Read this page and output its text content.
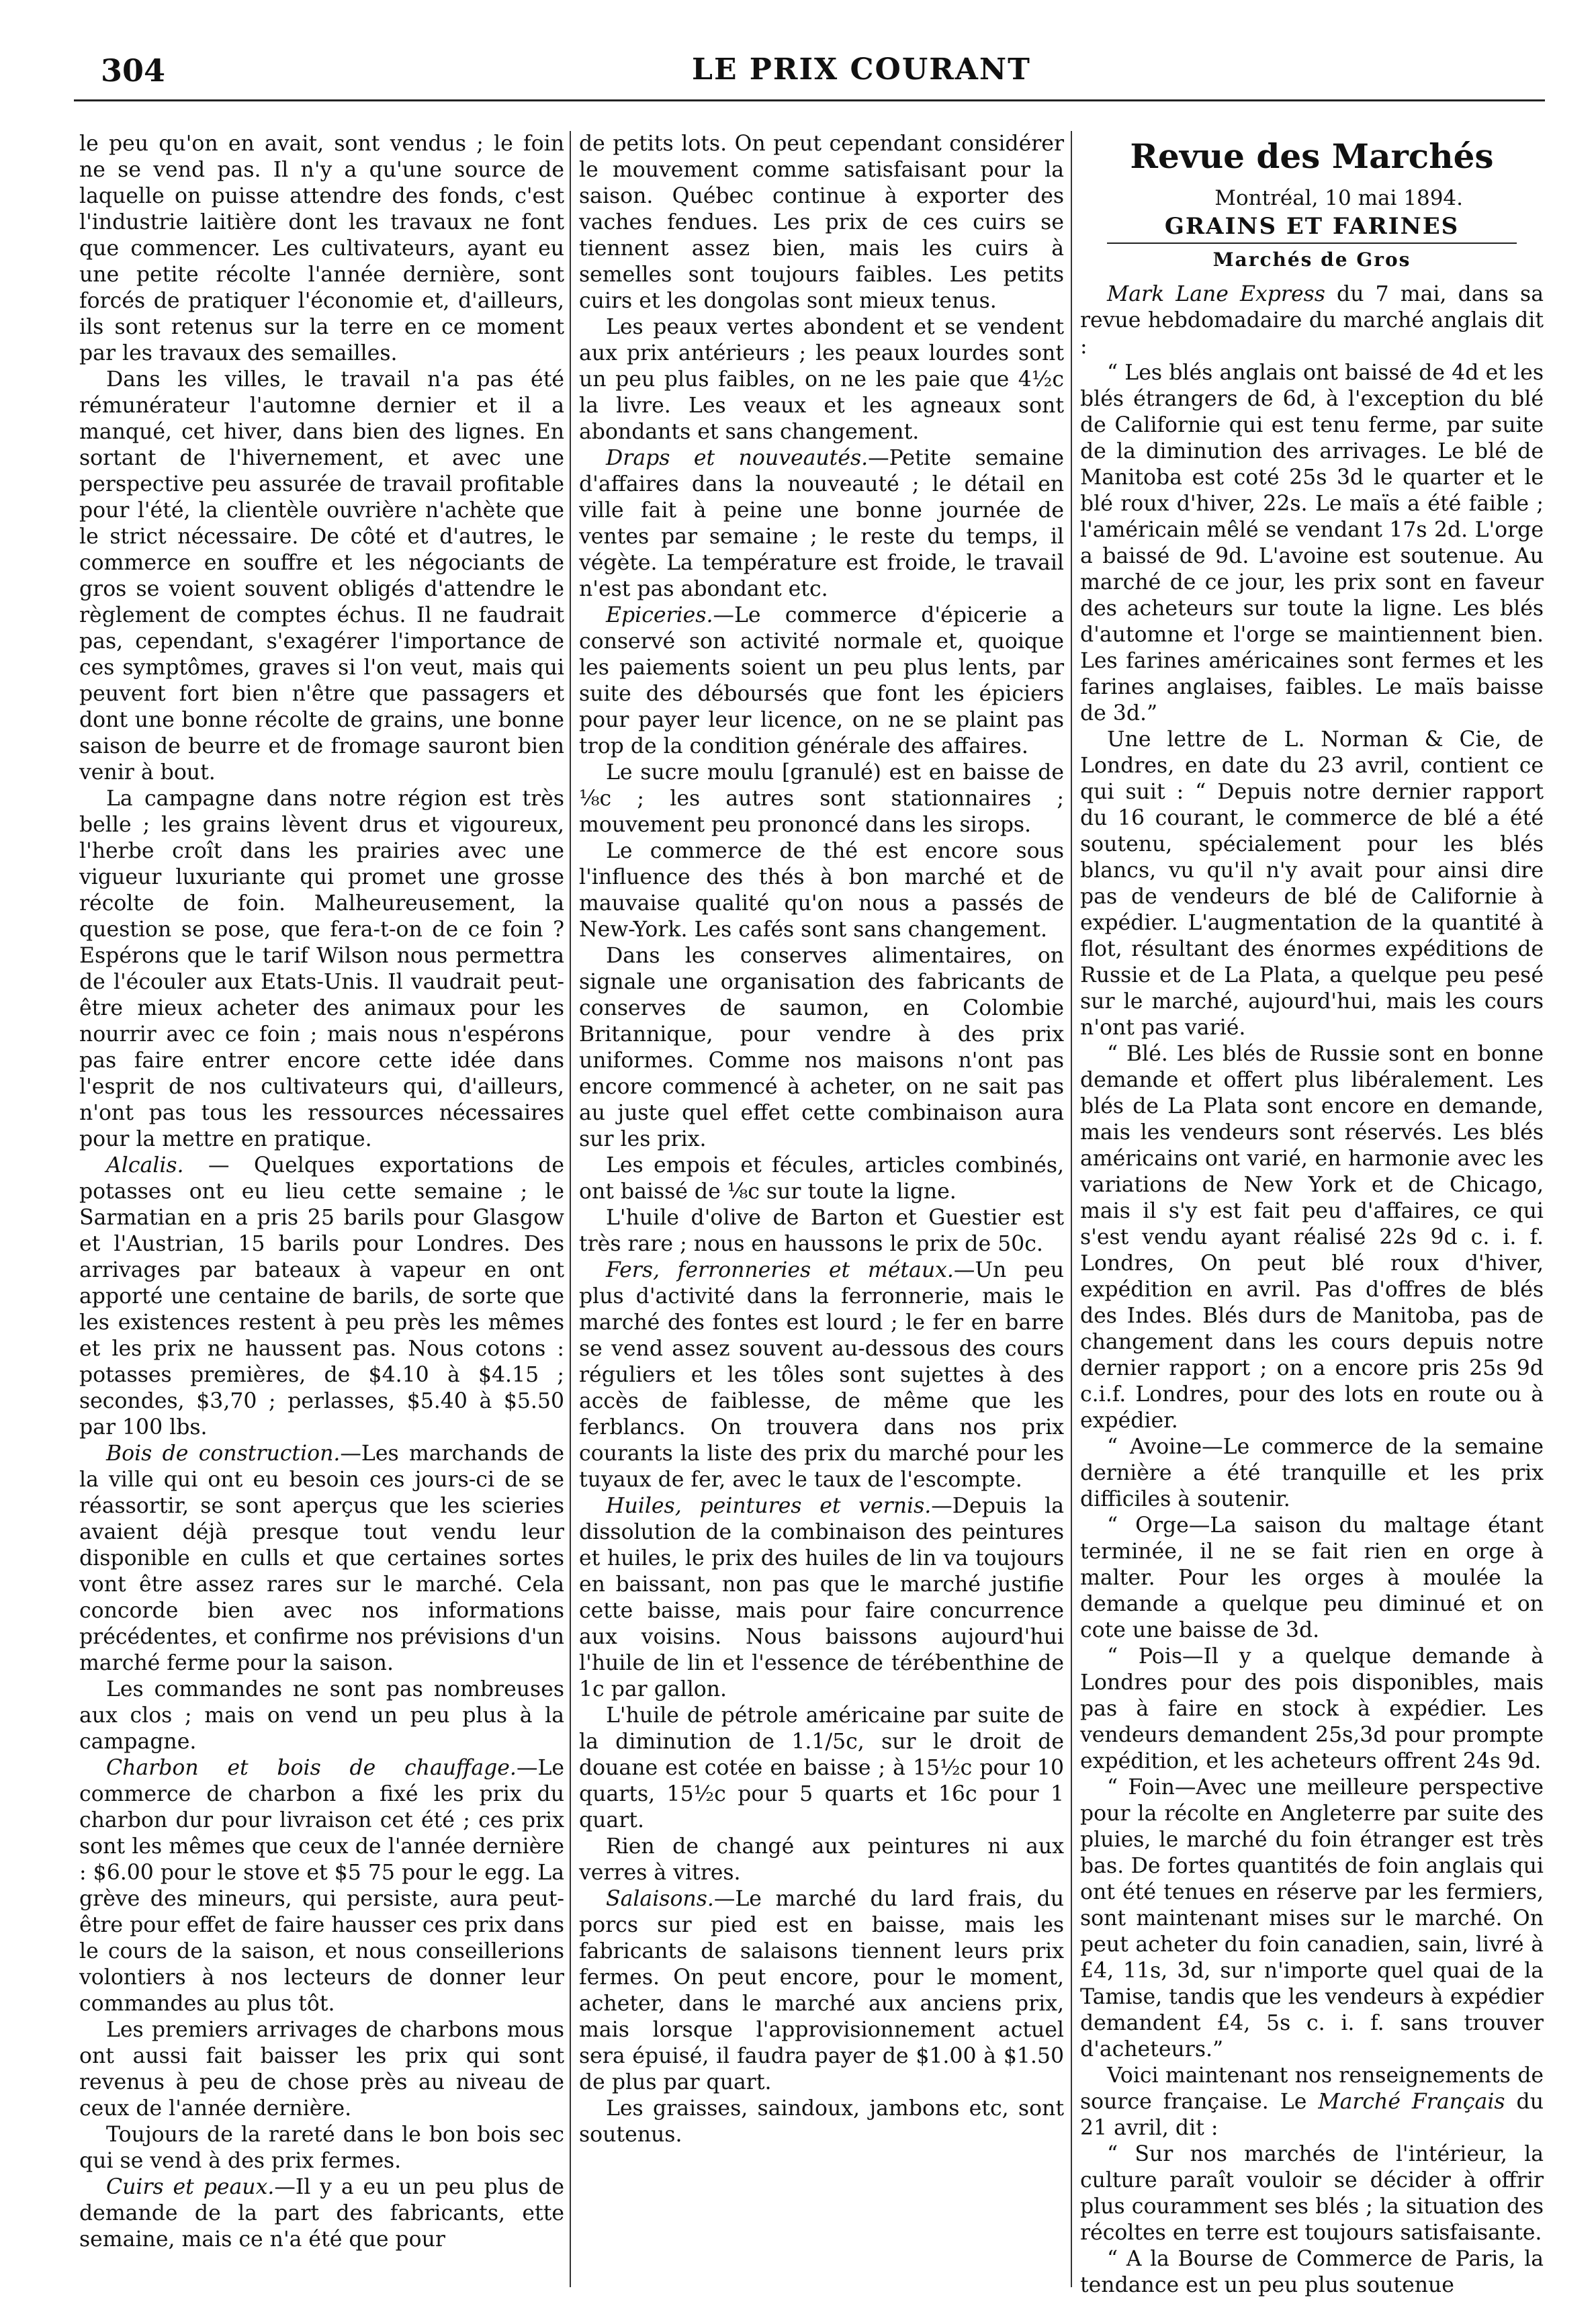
304	LE PRIX COURANT

le peu qu'on en avait, sont vendus ; le foin ne se vend pas. Il n'y a qu'une source de laquelle on puisse attendre des fonds, c'est l'industrie laitière dont les travaux ne font que commencer. Les cultivateurs, ayant eu une petite récolte l'année dernière, sont forcés de pratiquer l'économie et, d'ailleurs, ils sont retenus sur la terre en ce moment par les travaux des semailles.

Dans les villes, le travail n'a pas été rémunérateur l'automne dernier et il a manqué, cet hiver, dans bien des lignes. En sortant de l'hivernement, et avec une perspective peu assurée de travail profitable pour l'été, la clientèle ouvrière n'achète que le strict nécessaire. De côté et d'autres, le commerce en souffre et les négociants de gros se voient souvent obligés d'attendre le règlement de comptes échus. Il ne faudrait pas, cependant, s'exagérer l'importance de ces symptômes, graves si l'on veut, mais qui peuvent fort bien n'être que passagers et dont une bonne récolte de grains, une bonne saison de beurre et de fromage sauront bien venir à bout.

La campagne dans notre région est très belle ; les grains lèvent drus et vigoureux, l'herbe croît dans les prairies avec une vigueur luxuriante qui promet une grosse récolte de foin. Malheureusement, la question se pose, que fera-t-on de ce foin ? Espérons que le tarif Wilson nous permettra de l'écouler aux Etats-Unis. Il vaudrait peut-être mieux acheter des animaux pour les nourrir avec ce foin ; mais nous n'espérons pas faire entrer encore cette idée dans l'esprit de nos cultivateurs qui, d'ailleurs, n'ont pas tous les ressources nécessaires pour la mettre en pratique.

Alcalis. — Quelques exportations de potasses ont eu lieu cette semaine ; le Sarmatian en a pris 25 barils pour Glasgow et l'Austrian, 15 barils pour Londres. Des arrivages par bateaux à vapeur en ont apporté une centaine de barils, de sorte que les existences restent à peu près les mêmes et les prix ne haussent pas. Nous cotons : potasses premières, de $4.10 à $4.15 ; secondes, $3,70 ; perlasses, $5.40 à $5.50 par 100 lbs.

Bois de construction.—Les marchands de la ville qui ont eu besoin ces jours-ci de se réassortir, se sont aperçus que les scieries avaient déjà presque tout vendu leur disponible en culls et que certaines sortes vont être assez rares sur le marché. Cela concorde bien avec nos informations précédentes, et confirme nos prévisions d'un marché ferme pour la saison.

Les commandes ne sont pas nombreuses aux clos ; mais on vend un peu plus à la campagne.

Charbon et bois de chauffage.—Le commerce de charbon a fixé les prix du charbon dur pour livraison cet été ; ces prix sont les mêmes que ceux de l'année dernière : $6.00 pour le stove et $5 75 pour le egg. La grève des mineurs, qui persiste, aura peut-être pour effet de faire hausser ces prix dans le cours de la saison, et nous conseillerions volontiers à nos lecteurs de donner leur commandes au plus tôt.

Les premiers arrivages de charbons mous ont aussi fait baisser les prix qui sont revenus à peu de chose près au niveau de ceux de l'année dernière.

Toujours de la rareté dans le bon bois sec qui se vend à des prix fermes.

Cuirs et peaux.—Il y a eu un peu plus de demande de la part des fabricants, ette semaine, mais ce n'a été que pour

de petits lots. On peut cependant considérer le mouvement comme satisfaisant pour la saison. Québec continue à exporter des vaches fendues. Les prix de ces cuirs se tiennent assez bien, mais les cuirs à semelles sont toujours faibles. Les petits cuirs et les dongolas sont mieux tenus.

Les peaux vertes abondent et se vendent aux prix antérieurs ; les peaux lourdes sont un peu plus faibles, on ne les paie que 4½c la livre. Les veaux et les agneaux sont abondants et sans changement.

Draps et nouveautés.—Petite semaine d'affaires dans la nouveauté ; le détail en ville fait à peine une bonne journée de ventes par semaine ; le reste du temps, il végète. La température est froide, le travail n'est pas abondant etc.

Epiceries.—Le commerce d'épicerie a conservé son activité normale et, quoique les paiements soient un peu plus lents, par suite des déboursés que font les épiciers pour payer leur licence, on ne se plaint pas trop de la condition générale des affaires.

Le sucre moulu [granulé) est en baisse de ⅛c ; les autres sont stationnaires ; mouvement peu prononcé dans les sirops.

Le commerce de thé est encore sous l'influence des thés à bon marché et de mauvaise qualité qu'on nous a passés de New-York. Les cafés sont sans changement.

Dans les conserves alimentaires, on signale une organisation des fabricants de conserves de saumon, en Colombie Britannique, pour vendre à des prix uniformes. Comme nos maisons n'ont pas encore commencé à acheter, on ne sait pas au juste quel effet cette combinaison aura sur les prix.

Les empois et fécules, articles combinés, ont baissé de ⅛c sur toute la ligne.

L'huile d'olive de Barton et Guestier est très rare ; nous en haussons le prix de 50c.

Fers, ferronneries et métaux.—Un peu plus d'activité dans la ferronnerie, mais le marché des fontes est lourd ; le fer en barre se vend assez souvent au-dessous des cours réguliers et les tôles sont sujettes à des accès de faiblesse, de même que les ferblancs. On trouvera dans nos prix courants la liste des prix du marché pour les tuyaux de fer, avec le taux de l'escompte.

Huiles, peintures et vernis.—Depuis la dissolution de la combinaison des peintures et huiles, le prix des huiles de lin va toujours en baissant, non pas que le marché justifie cette baisse, mais pour faire concurrence aux voisins. Nous baissons aujourd'hui l'huile de lin et l'essence de térébenthine de 1c par gallon.

L'huile de pétrole américaine par suite de la diminution de 1.1/5c, sur le droit de douane est cotée en baisse ; à 15½c pour 10 quarts, 15½c pour 5 quarts et 16c pour 1 quart.

Rien de changé aux peintures ni aux verres à vitres.

Salaisons.—Le marché du lard frais, du porcs sur pied est en baisse, mais les fabricants de salaisons tiennent leurs prix fermes. On peut encore, pour le moment, acheter, dans le marché aux anciens prix, mais lorsque l'approvisionnement actuel sera épuisé, il faudra payer de $1.00 à $1.50 de plus par quart.

Les graisses, saindoux, jambons etc, sont soutenus.

Revue des Marchés
Montréal, 10 mai 1894.
GRAINS ET FARINES
Marchés de Gros

Mark Lane Express du 7 mai, dans sa revue hebdomadaire du marché anglais dit :

“ Les blés anglais ont baissé de 4d et les blés étrangers de 6d, à l'exception du blé de Californie qui est tenu ferme, par suite de la diminution des arrivages. Le blé de Manitoba est coté 25s 3d le quarter et le blé roux d'hiver, 22s. Le maïs a été faible ; l'américain mêlé se vendant 17s 2d. L'orge a baissé de 9d. L'avoine est soutenue. Au marché de ce jour, les prix sont en faveur des acheteurs sur toute la ligne. Les blés d'automne et l'orge se maintiennent bien. Les farines américaines sont fermes et les farines anglaises, faibles. Le maïs baisse de 3d.”

Une lettre de L. Norman & Cie, de Londres, en date du 23 avril, contient ce qui suit : “ Depuis notre dernier rapport du 16 courant, le commerce de blé a été soutenu, spécialement pour les blés blancs, vu qu'il n'y avait pour ainsi dire pas de vendeurs de blé de Californie à expédier. L'augmentation de la quantité à flot, résultant des énormes expéditions de Russie et de La Plata, a quelque peu pesé sur le marché, aujourd'hui, mais les cours n'ont pas varié.

“ Blé. Les blés de Russie sont en bonne demande et offert plus libéralement. Les blés de La Plata sont encore en demande, mais les vendeurs sont réservés. Les blés américains ont varié, en harmonie avec les variations de New York et de Chicago, mais il s'y est fait peu d'affaires, ce qui s'est vendu ayant réalisé 22s 9d c. i. f. Londres, On peut blé roux d'hiver, expédition en avril. Pas d'offres de blés des Indes. Blés durs de Manitoba, pas de changement dans les cours depuis notre dernier rapport ; on a encore pris 25s 9d c.i.f. Londres, pour des lots en route ou à expédier.

“ Avoine—Le commerce de la semaine dernière a été tranquille et les prix difficiles à soutenir.

“ Orge—La saison du maltage étant terminée, il ne se fait rien en orge à malter. Pour les orges à moulée la demande a quelque peu diminué et on cote une baisse de 3d.

“ Pois—Il y a quelque demande à Londres pour des pois disponibles, mais pas à faire en stock à expédier. Les vendeurs demandent 25s,3d pour prompte expédition, et les acheteurs offrent 24s 9d.

“ Foin—Avec une meilleure perspective pour la récolte en Angleterre par suite des pluies, le marché du foin étranger est très bas. De fortes quantités de foin anglais qui ont été tenues en réserve par les fermiers, sont maintenant mises sur le marché. On peut acheter du foin canadien, sain, livré à £4, 11s, 3d, sur n'importe quel quai de la Tamise, tandis que les vendeurs à expédier demandent £4, 5s c. i. f. sans trouver d'acheteurs.”

Voici maintenant nos renseignements de source française. Le Marché Français du 21 avril, dit :

“ Sur nos marchés de l'intérieur, la culture paraît vouloir se décider à offrir plus couramment ses blés ; la situation des récoltes en terre est toujours satisfaisante.

“ A la Bourse de Commerce de Paris, la tendance est un peu plus soutenue
